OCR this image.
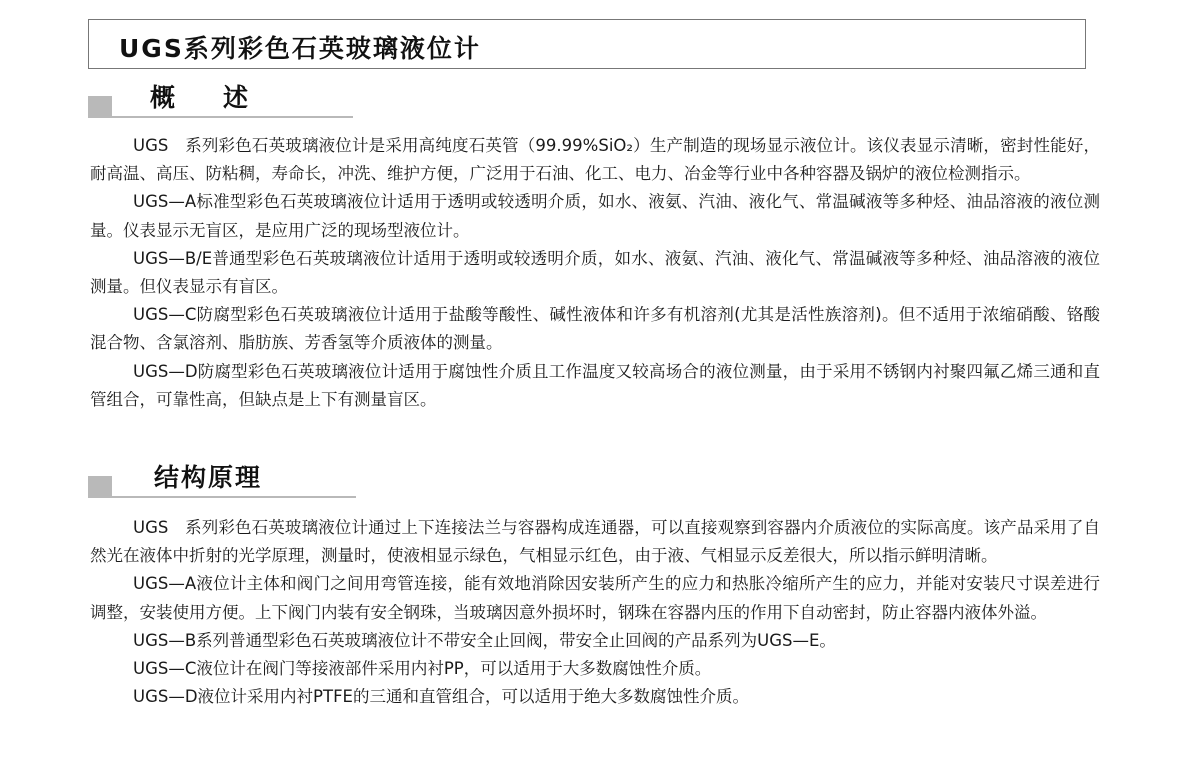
UGS系列彩色石英玻璃液位计
概述

UGS　系列彩色石英玻璃液位计是采用高纯度石英管（99.99%SiO₂）生产制造的现场显示液位计。该仪表显示清晰，密封性能好，耐高温、高压、防粘稠，寿命长，冲洗、维护方便，广泛用于石油、化工、电力、冶金等行业中各种容器及锅炉的液位检测指示。

UGS—A标准型彩色石英玻璃液位计适用于透明或较透明介质，如水、液氨、汽油、液化气、常温碱液等多种烃、油品溶液的液位测量。仪表显示无盲区，是应用广泛的现场型液位计。

UGS—B/E普通型彩色石英玻璃液位计适用于透明或较透明介质，如水、液氨、汽油、液化气、常温碱液等多种烃、油品溶液的液位测量。但仪表显示有盲区。

UGS—C防腐型彩色石英玻璃液位计适用于盐酸等酸性、碱性液体和许多有机溶剂(尤其是活性族溶剂)。但不适用于浓缩硝酸、铬酸混合物、含氯溶剂、脂肪族、芳香氢等介质液体的测量。

UGS—D防腐型彩色石英玻璃液位计适用于腐蚀性介质且工作温度又较高场合的液位测量，由于采用不锈钢内衬聚四氟乙烯三通和直管组合，可靠性高，但缺点是上下有测量盲区。

结构原理

UGS　系列彩色石英玻璃液位计通过上下连接法兰与容器构成连通器，可以直接观察到容器内介质液位的实际高度。该产品采用了自然光在液体中折射的光学原理，测量时，使液相显示绿色，气相显示红色，由于液、气相显示反差很大，所以指示鲜明清晰。

UGS—A液位计主体和阀门之间用弯管连接，能有效地消除因安装所产生的应力和热胀冷缩所产生的应力，并能对安装尺寸误差进行调整，安装使用方便。上下阀门内装有安全钢珠，当玻璃因意外损坏时，钢珠在容器内压的作用下自动密封，防止容器内液体外溢。

UGS—B系列普通型彩色石英玻璃液位计不带安全止回阀，带安全止回阀的产品系列为UGS—E。

UGS—C液位计在阀门等接液部件采用内衬PP，可以适用于大多数腐蚀性介质。

UGS—D液位计采用内衬PTFE的三通和直管组合，可以适用于绝大多数腐蚀性介质。
